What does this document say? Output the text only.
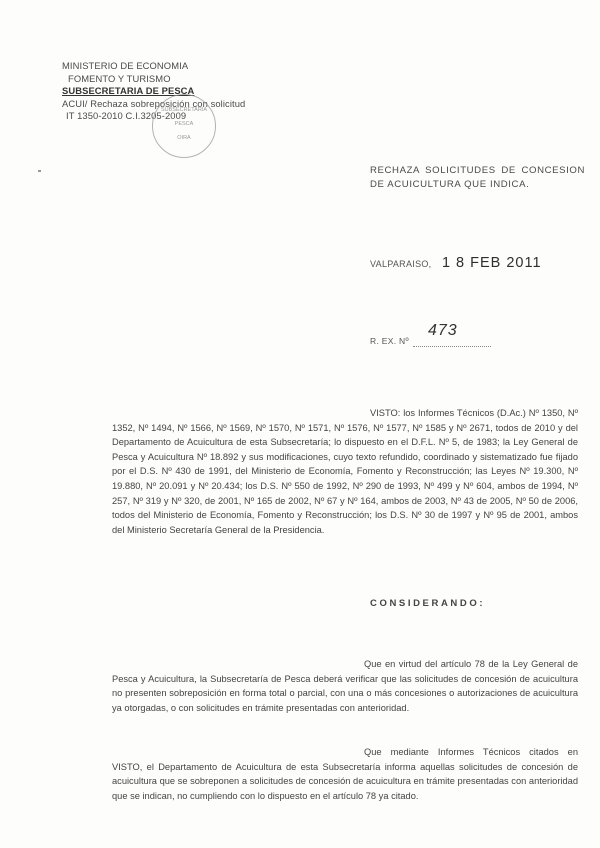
MINISTERIO DE ECONOMIA
FOMENTO Y TURISMO
SUBSECRETARIA DE PESCA
ACUI/ Rechaza sobreposición con solicitud
IT 1350-2010 C.I.3205-2009
SUBSECRETARIA
PESCA
OIRA
RECHAZA SOLICITUDES DE CONCESION DE ACUICULTURA QUE INDICA.
VALPARAISO, 1 8 FEB 2011
R. EX. Nº
473
VISTO: los Informes Técnicos (D.Ac.) Nº 1350, Nº 1352, Nº 1494, Nº 1566, Nº 1569, Nº 1570, Nº 1571, Nº 1576, Nº 1577, Nº 1585 y Nº 2671, todos de 2010 y del Departamento de Acuicultura de esta Subsecretaría; lo dispuesto en el D.F.L. Nº 5, de 1983; la Ley General de Pesca y Acuicultura Nº 18.892 y sus modificaciones, cuyo texto refundido, coordinado y sistematizado fue fijado por el D.S. Nº 430 de 1991, del Ministerio de Economía, Fomento y Reconstrucción; las Leyes Nº 19.300, Nº 19.880, Nº 20.091 y Nº 20.434; los D.S. Nº 550 de 1992, Nº 290 de 1993, Nº 499 y Nº 604, ambos de 1994, Nº 257, Nº 319 y Nº 320, de 2001, Nº 165 de 2002, Nº 67 y Nº 164, ambos de 2003, Nº 43 de 2005, Nº 50 de 2006, todos del Ministerio de Economía, Fomento y Reconstrucción; los D.S. Nº 30 de 1997 y Nº 95 de 2001, ambos del Ministerio Secretaría General de la Presidencia.
CONSIDERANDO:
Que en virtud del artículo 78 de la Ley General de Pesca y Acuicultura, la Subsecretaría de Pesca deberá verificar que las solicitudes de concesión de acuicultura no presenten sobreposición en forma total o parcial, con una o más concesiones o autorizaciones de acuicultura ya otorgadas, o con solicitudes en trámite presentadas con anterioridad.
Que mediante Informes Técnicos citados en VISTO, el Departamento de Acuicultura de esta Subsecretaría informa aquellas solicitudes de concesión de acuicultura que se sobreponen a solicitudes de concesión de acuicultura en trámite presentadas con anterioridad que se indican, no cumpliendo con lo dispuesto en el artículo 78 ya citado.
